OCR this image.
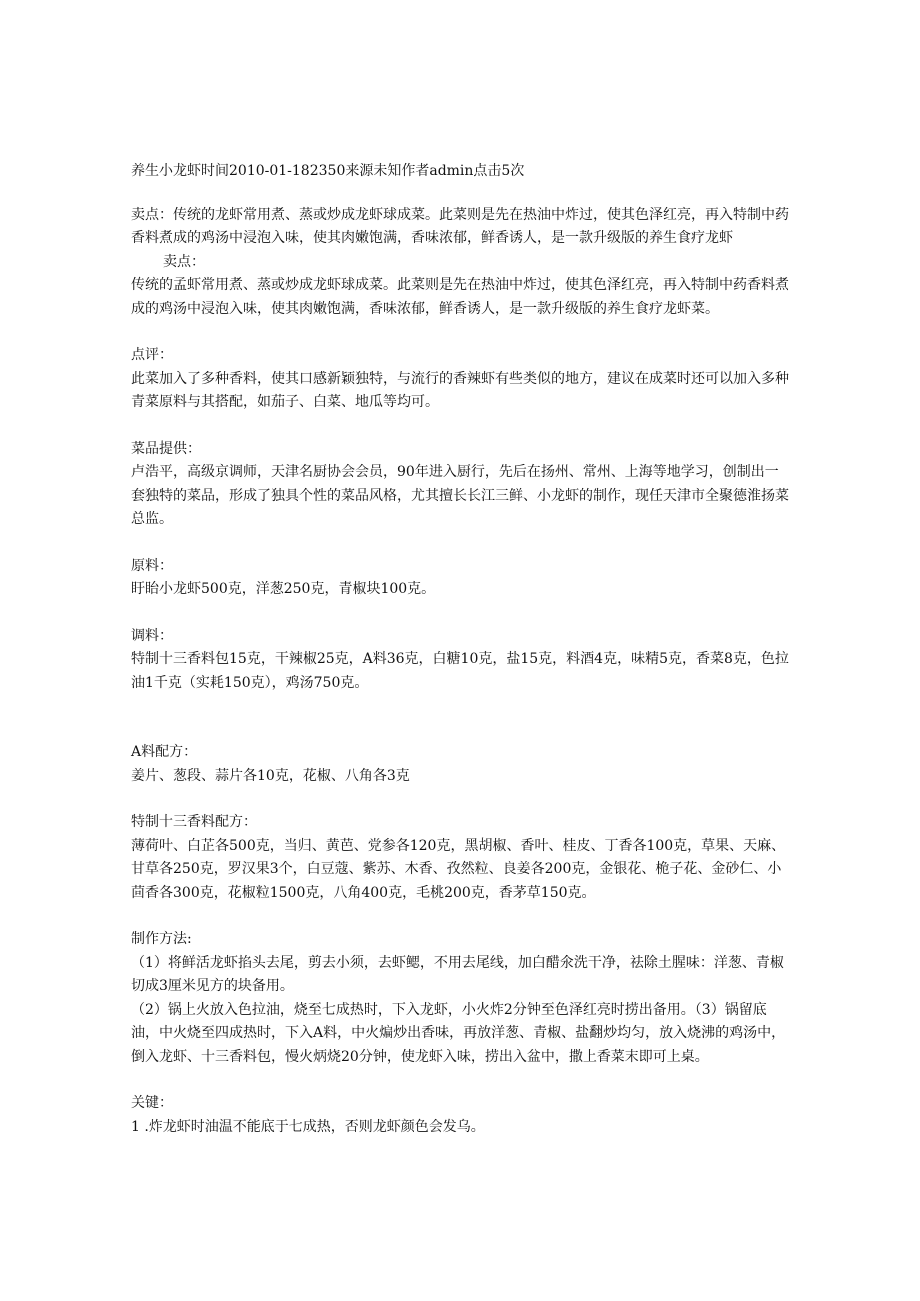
养生小龙虾时间2010-01-182350来源未知作者admin点击5次

卖点：传统的龙虾常用煮、蒸或炒成龙虾球成菜。此菜则是先在热油中炸过，使其色泽红亮，再入特制中药香料煮成的鸡汤中浸泡入味，使其肉嫩饱满，香味浓郁，鲜香诱人，是一款升级版的养生食疗龙虾

卖点：

传统的孟虾常用煮、蒸或炒成龙虾球成菜。此菜则是先在热油中炸过，使其色泽红亮，再入特制中药香料煮成的鸡汤中浸泡入味，使其肉嫩饱满，香味浓郁，鲜香诱人，是一款升级版的养生食疗龙虾菜。

点评：

此菜加入了多种香料，使其口感新颖独特，与流行的香辣虾有些类似的地方，建议在成菜时还可以加入多种青菜原料与其搭配，如茄子、白菜、地瓜等均可。

菜品提供：

卢浩平，高级京调师，天津名厨协会会员，90年进入厨行，先后在扬州、常州、上海等地学习，创制出一套独特的菜品，形成了独具个性的菜品风格，尤其擅长长江三鲜、小龙虾的制作，现任天津市全聚德淮扬菜总监。

原料：

盱眙小龙虾500克，洋葱250克，青椒块100克。

调料：

特制十三香料包15克，干辣椒25克，A料36克，白糖10克，盐15克，料酒4克，味精5克，香菜8克，色拉油1千克（实耗150克），鸡汤750克。

A料配方：

姜片、葱段、蒜片各10克，花椒、八角各3克

特制十三香料配方：

薄荷叶、白芷各500克，当归、黄芭、党参各120克，黑胡椒、香叶、桂皮、丁香各100克，草果、天麻、甘草各250克，罗汉果3个，白豆蔻、紫苏、木香、孜然粒、良姜各200克，金银花、桅子花、金砂仁、小茴香各300克，花椒粒1500克，八角400克，毛桃200克，香茅草150克。

制作方法:

（1）将鲜活龙虾掐头去尾，剪去小须，去虾鳃，不用去尾线，加白醋氽洗干净，祛除土腥味：洋葱、青椒切成3厘米见方的块备用。

（2）锅上火放入色拉油，烧至七成热时，下入龙虾，小火炸2分钟至色泽红亮时捞出备用。（3）锅留底油，中火烧至四成热时，下入A料，中火煸炒出香味，再放洋葱、青椒、盐翻炒均匀，放入烧沸的鸡汤中，倒入龙虾、十三香料包，慢火炳烧20分钟，使龙虾入味，捞出入盆中，撒上香菜末即可上桌。

关键：

1 .炸龙虾时油温不能底于七成热，否则龙虾颜色会发乌。
